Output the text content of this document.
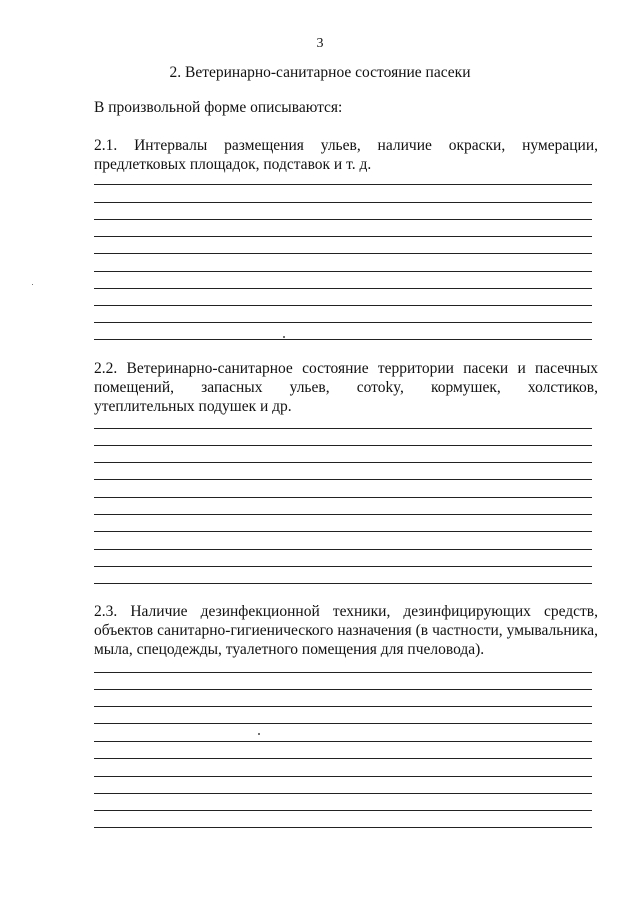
3
2. Ветеринарно-санитарное состояние пасеки
В произвольной форме описываются:
2.1. Интервалы размещения ульев, наличие окраски, нумерации,
предлетковых площадок, подставок и т. д.
2.2. Ветеринарно-санитарное состояние территории пасеки и пасечных
помещений, запасных ульев, сотоky, кормушек, холстиков,
утеплительных подушек и др.
2.3. Наличие дезинфекционной техники, дезинфицирующих средств,
объектов санитарно-гигиенического назначения (в частности, умывальника,
мыла, спецодежды, туалетного помещения для пчеловода).
